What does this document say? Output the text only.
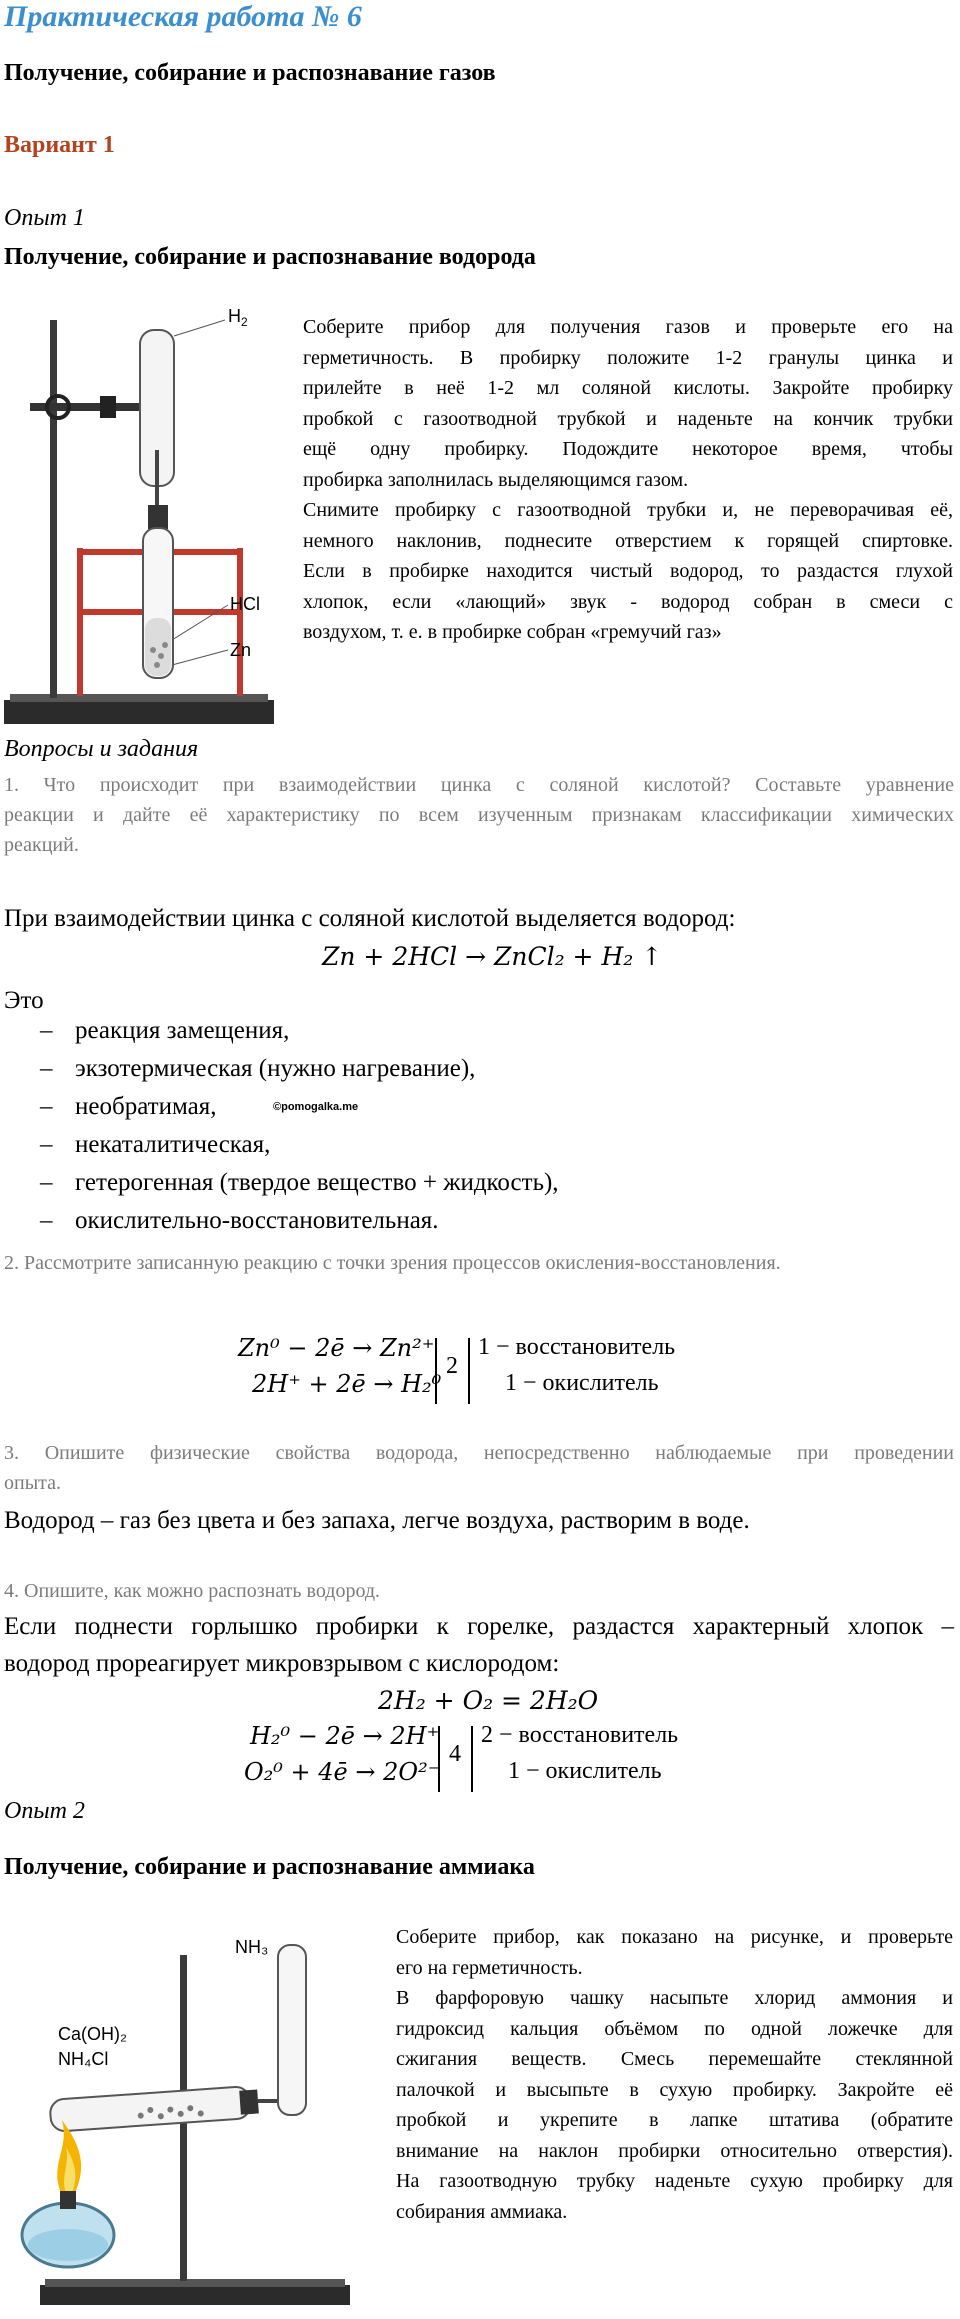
Практическая работа № 6
Получение, собирание и распознавание газов
Вариант 1
Опыт 1
Получение, собирание и распознавание водорода
$H_2$
HCl
Zn
Соберите прибор для получения газов и проверьте его на
герметичность. В пробирку положите 1-2 гранулы цинка и
прилейте в неё 1-2 мл соляной кислоты. Закройте пробирку
пробкой с газоотводной трубкой и наденьте на кончик трубки
ещё одну пробирку. Подождите некоторое время, чтобы
пробирка заполнилась выделяющимся газом.
Снимите пробирку с газоотводной трубки и, не переворачивая её,
немного наклонив, поднесите отверстием к горящей спиртовке.
Если в пробирке находится чистый водород, то раздастся глухой
хлопок, если «лающий» звук - водород собран в смеси с
воздухом, т. е. в пробирке собран «гремучий газ»
Вопросы и задания
1. Что происходит при взаимодействии цинка с соляной кислотой? Составьте уравнение
реакции и дайте её характеристику по всем изученным признакам классификации химических
реакций.
При взаимодействии цинка с соляной кислотой выделяется водород:
Zn + 2HCl → ZnCl₂ + H₂ ↑
Это
– реакция замещения,
– экзотермическая (нужно нагревание),
– необратимая,	©pomogalka.me
– некаталитическая,
– гетерогенная (твердое вещество + жидкость),
– окислительно-восстановительная.
2. Рассмотрите записанную реакцию с точки зрения процессов окисления-восстановления.
Zn⁰ − 2ē → Zn²⁺
2H⁺ + 2ē → H₂⁰
2
1 − восстановитель
1 − окислитель
3. Опишите физические свойства водорода, непосредственно наблюдаемые при проведении
опыта.
Водород – газ без цвета и без запаха, легче воздуха, растворим в воде.
4. Опишите, как можно распознать водород.
Если поднести горлышко пробирки к горелке, раздастся характерный хлопок –
водород прореагирует микровзрывом с кислородом:
2H₂ + O₂ = 2H₂O
H₂⁰ − 2ē → 2H⁺
O₂⁰ + 4ē → 2O²⁻
4
2 − восстановитель
1 − окислитель
Опыт 2
Получение, собирание и распознавание аммиака
NH₃
Ca(OH)₂
NH₄Cl
Соберите прибор, как показано на рисунке, и проверьте
его на герметичность.
В фарфоровую чашку насыпьте хлорид аммония и
гидроксид кальция объёмом по одной ложечке для
сжигания веществ. Смесь перемешайте стеклянной
палочкой и высыпьте в сухую пробирку. Закройте её
пробкой и укрепите в лапке штатива (обратите
внимание на наклон пробирки относительно отверстия).
На газоотводную трубку наденьте сухую пробирку для
собирания аммиака.
